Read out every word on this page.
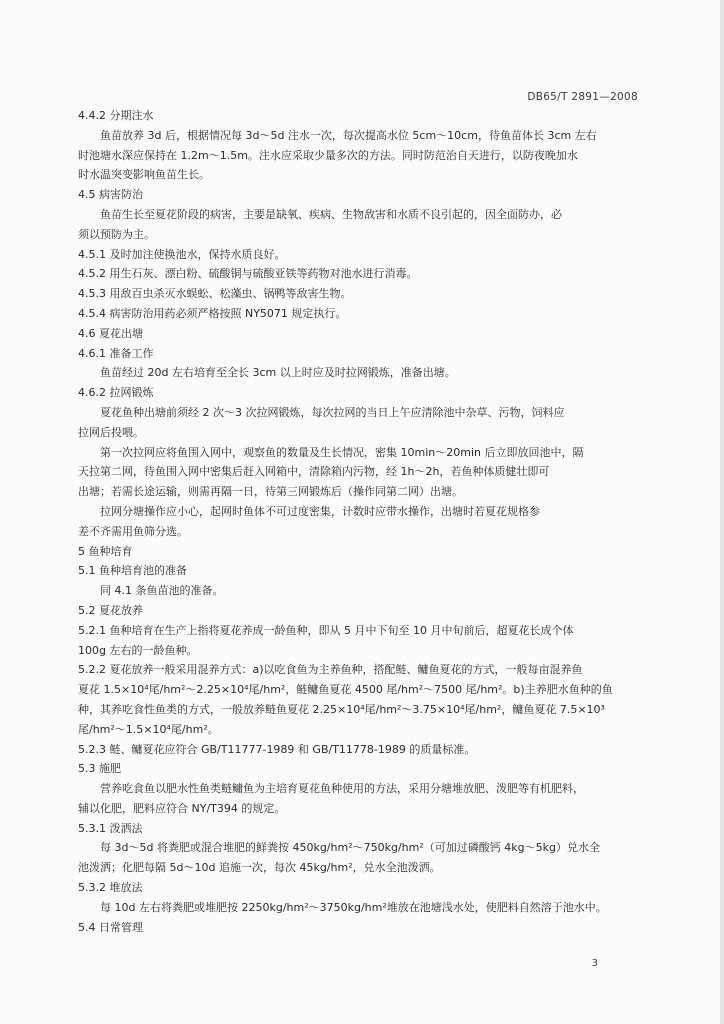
DB65/T 2891—2008
4.4.2 分期注水
鱼苗放养 3d 后，根据情况每 3d～5d 注水一次，每次提高水位 5cm～10cm，待鱼苗体长 3cm 左右
时池塘水深应保持在 1.2m～1.5m。注水应采取少量多次的方法。同时防范治自天进行，以防夜晚加水
时水温突变影响鱼苗生长。
4.5 病害防治
鱼苗生长至夏花阶段的病害，主要是缺氧、疾病、生物敌害和水质不良引起的，因全面防办，必
须以预防为主。
4.5.1 及时加注使换池水，保持水质良好。
4.5.2 用生石灰、漂白粉、硫酸铜与硫酸亚铁等药物对池水进行消毒。
4.5.3 用敌百虫杀灭水蜈蚣、松藻虫、锅鸭等敌害生物。
4.5.4 病害防治用药必须严格按照 NY5071 规定执行。
4.6 夏花出塘
4.6.1 准备工作
鱼苗经过 20d 左右培育至全长 3cm 以上时应及时拉网锻炼，准备出塘。
4.6.2 拉网锻炼
夏花鱼种出塘前须经 2 次～3 次拉网锻炼，每次拉网的当日上午应清除池中杂草、污物，饲料应
拉网后投喂。
第一次拉网应将鱼围入网中，观察鱼的数量及生长情况，密集 10min～20min 后立即放回池中，隔
天拉第二网，待鱼围入网中密集后赶入网箱中，清除箱内污物，经 1h～2h，若鱼种体质健壮即可
出塘；若需长途运输，则需再隔一日，待第三网锻炼后（操作同第二网）出塘。
拉网分塘操作应小心，起网时鱼体不可过度密集，计数时应带水操作，出塘时若夏花规格参
差不齐需用鱼筛分选。
5 鱼种培育
5.1 鱼种培育池的准备
同 4.1 条鱼苗池的准备。
5.2 夏花放养
5.2.1 鱼种培育在生产上指将夏花养成一龄鱼种，即从 5 月中下旬至 10 月中旬前后，超夏花长成个体
100g 左右的一龄鱼种。
5.2.2 夏花放养一般采用混养方式：a)以吃食鱼为主养鱼种，搭配鲢、鳙鱼夏花的方式，一般每亩混养鱼
夏花 1.5×10⁴尾/hm²～2.25×10⁴尾/hm²，鲢鳙鱼夏花 4500 尾/hm²～7500 尾/hm²。b)主养肥水鱼种的鱼
种，其养吃食性鱼类的方式，一般放养鲢鱼夏花 2.25×10⁴尾/hm²～3.75×10⁴尾/hm²，鳙鱼夏花 7.5×10³
尾/hm²～1.5×10⁴尾/hm²。
5.2.3 鲢、鳙夏花应符合 GB/T11777-1989 和 GB/T11778-1989 的质量标准。
5.3 施肥
营养吃食鱼以肥水性鱼类鲢鳙鱼为主培育夏花鱼种使用的方法，采用分塘堆放肥、泼肥等有机肥料，
辅以化肥，肥料应符合 NY/T394 的规定。
5.3.1 泼洒法
每 3d～5d 将粪肥或混合堆肥的鲜粪按 450kg/hm²～750kg/hm²（可加过磷酸钙 4kg～5kg）兑水全
池泼洒；化肥每隔 5d～10d 追施一次，每次 45kg/hm²，兑水全池泼洒。
5.3.2 堆放法
每 10d 左右将粪肥或堆肥按 2250kg/hm²～3750kg/hm²堆放在池塘浅水处，使肥料自然溶于池水中。
5.4 日常管理
3
